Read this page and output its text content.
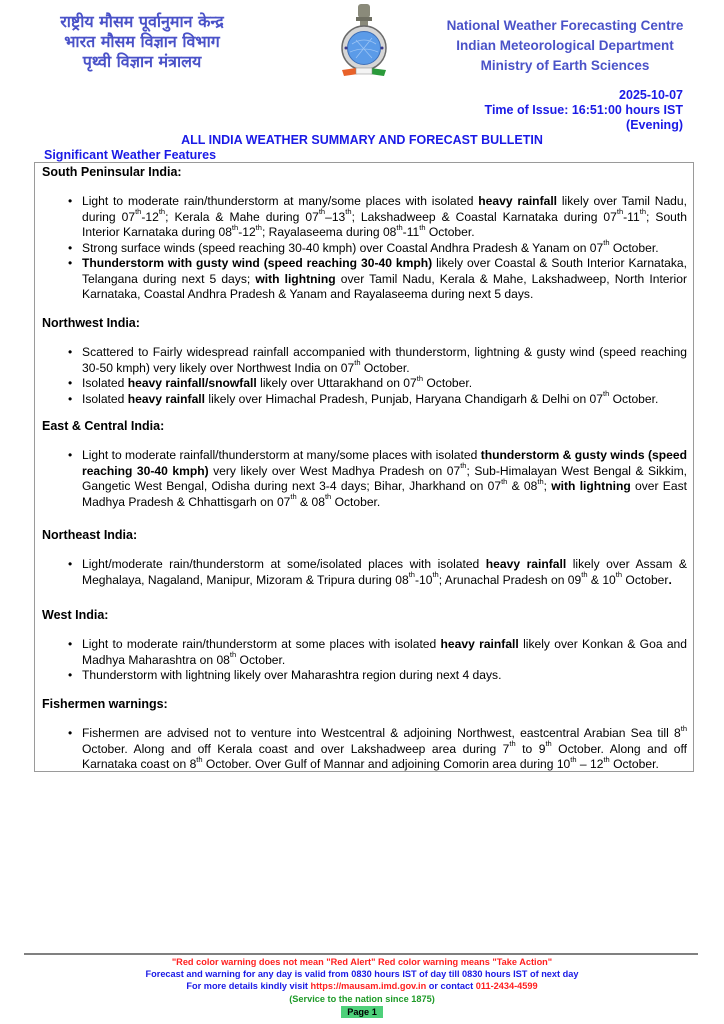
राष्ट्रीय मौसम पूर्वानुमान केन्द्र
भारत मौसम विज्ञान विभाग
पृथ्वी विज्ञान मंत्रालय
National Weather Forecasting Centre
Indian Meteorological Department
Ministry of Earth Sciences
2025-10-07
Time of Issue: 16:51:00 hours IST
(Evening)
ALL INDIA WEATHER SUMMARY AND FORECAST BULLETIN
Significant Weather Features

South Peninsular India:

• Light to moderate rain/thunderstorm at many/some places with isolated heavy rainfall likely over Tamil Nadu, during 07th-12th; Kerala & Mahe during 07th–13th; Lakshadweep & Coastal Karnataka during 07th-11th; South Interior Karnataka during 08th-12th; Rayalaseema during 08th-11th October.
• Strong surface winds (speed reaching 30-40 kmph) over Coastal Andhra Pradesh & Yanam on 07th October.
• Thunderstorm with gusty wind (speed reaching 30-40 kmph) likely over Coastal & South Interior Karnataka, Telangana during next 5 days; with lightning over Tamil Nadu, Kerala & Mahe, Lakshadweep, North Interior Karnataka, Coastal Andhra Pradesh & Yanam and Rayalaseema during next 5 days.

Northwest India:

• Scattered to Fairly widespread rainfall accompanied with thunderstorm, lightning & gusty wind (speed reaching 30-50 kmph) very likely over Northwest India on 07th October.
• Isolated heavy rainfall/snowfall likely over Uttarakhand on 07th October.
• Isolated heavy rainfall likely over Himachal Pradesh, Punjab, Haryana Chandigarh & Delhi on 07th October.

East & Central India:

• Light to moderate rainfall/thunderstorm at many/some places with isolated thunderstorm & gusty winds (speed reaching 30-40 kmph) very likely over West Madhya Pradesh on 07th; Sub-Himalayan West Bengal & Sikkim, Gangetic West Bengal, Odisha during next 3-4 days; Bihar, Jharkhand on 07th & 08th; with lightning over East Madhya Pradesh & Chhattisgarh on 07th & 08th October.

Northeast India:

• Light/moderate rain/thunderstorm at some/isolated places with isolated heavy rainfall likely over Assam & Meghalaya, Nagaland, Manipur, Mizoram & Tripura during 08th-10th; Arunachal Pradesh on 09th & 10th October.

West India:

• Light to moderate rain/thunderstorm at some places with isolated heavy rainfall likely over Konkan & Goa and Madhya Maharashtra on 08th October.
• Thunderstorm with lightning likely over Maharashtra region during next 4 days.

Fishermen warnings:

• Fishermen are advised not to venture into Westcentral & adjoining Northwest, eastcentral Arabian Sea till 8th October. Along and off Kerala coast and over Lakshadweep area during 7th to 9th October. Along and off Karnataka coast on 8th October. Over Gulf of Mannar and adjoining Comorin area during 10th – 12th October.
"Red color warning does not mean "Red Alert" Red color warning means "Take Action"
Forecast and warning for any day is valid from 0830 hours IST of day till 0830 hours IST of next day
For more details kindly visit https://mausam.imd.gov.in or contact 011-2434-4599
(Service to the nation since 1875)
Page 1
